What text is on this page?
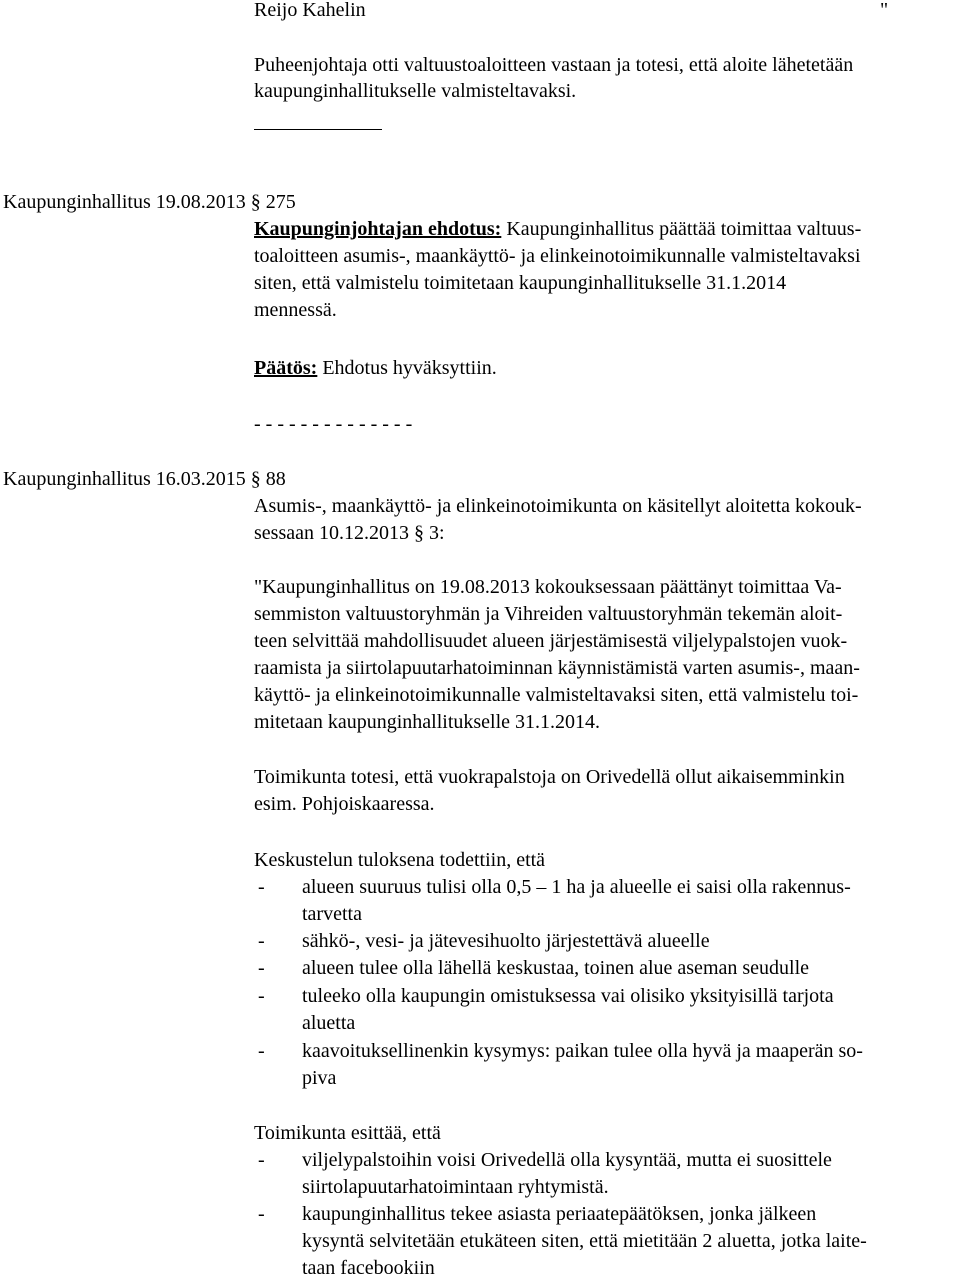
Reijo Kahelin	"
Puheenjohtaja otti valtuustoaloitteen vastaan ja totesi, että aloite lähetetään
kaupunginhallitukselle valmisteltavaksi.
Kaupunginhallitus 19.08.2013 § 275
Kaupunginjohtajan ehdotus: Kaupunginhallitus päättää toimittaa valtuus-
toaloitteen asumis-, maankäyttö- ja elinkeinotoimikunnalle valmisteltavaksi
siten, että valmistelu toimitetaan kaupunginhallitukselle 31.1.2014
mennessä.
Päätös: Ehdotus hyväksyttiin.
- - - - - - - - - - - - - -
Kaupunginhallitus 16.03.2015 § 88
Asumis-, maankäyttö- ja elinkeinotoimikunta on käsitellyt aloitetta kokouk-
sessaan 10.12.2013 § 3:
"Kaupunginhallitus on 19.08.2013 kokouksessaan päättänyt toimittaa Va-
semmiston valtuustoryhmän ja Vihreiden valtuustoryhmän tekemän aloit-
teen selvittää mahdollisuudet alueen järjestämisestä viljelypalstojen vuok-
raamista ja siirtolapuutarhatoiminnan käynnistämistä varten asumis-, maan-
käyttö- ja elinkeinotoimikunnalle valmisteltavaksi siten, että valmistelu toi-
mitetaan kaupunginhallitukselle 31.1.2014.
Toimikunta totesi, että vuokrapalstoja on Orivedellä ollut aikaisemminkin
esim. Pohjoiskaaressa.
Keskustelun tuloksena todettiin, että
- alueen suuruus tulisi olla 0,5 – 1 ha ja alueelle ei saisi olla rakennus-
tarvetta
- sähkö-, vesi- ja jätevesihuolto järjestettävä alueelle
- alueen tulee olla lähellä keskustaa, toinen alue aseman seudulle
- tuleeko olla kaupungin omistuksessa vai olisiko yksityisillä tarjota
aluetta
- kaavoituksellinenkin kysymys: paikan tulee olla hyvä ja maaperän so-
piva
Toimikunta esittää, että
- viljelypalstoihin voisi Orivedellä olla kysyntää, mutta ei suosittele
siirtolapuutarhatoimintaan ryhtymistä.
- kaupunginhallitus tekee asiasta periaatepäätöksen, jonka jälkeen
kysyntä selvitetään etukäteen siten, että mietitään 2 aluetta, jotka laite-
taan facebookiin
